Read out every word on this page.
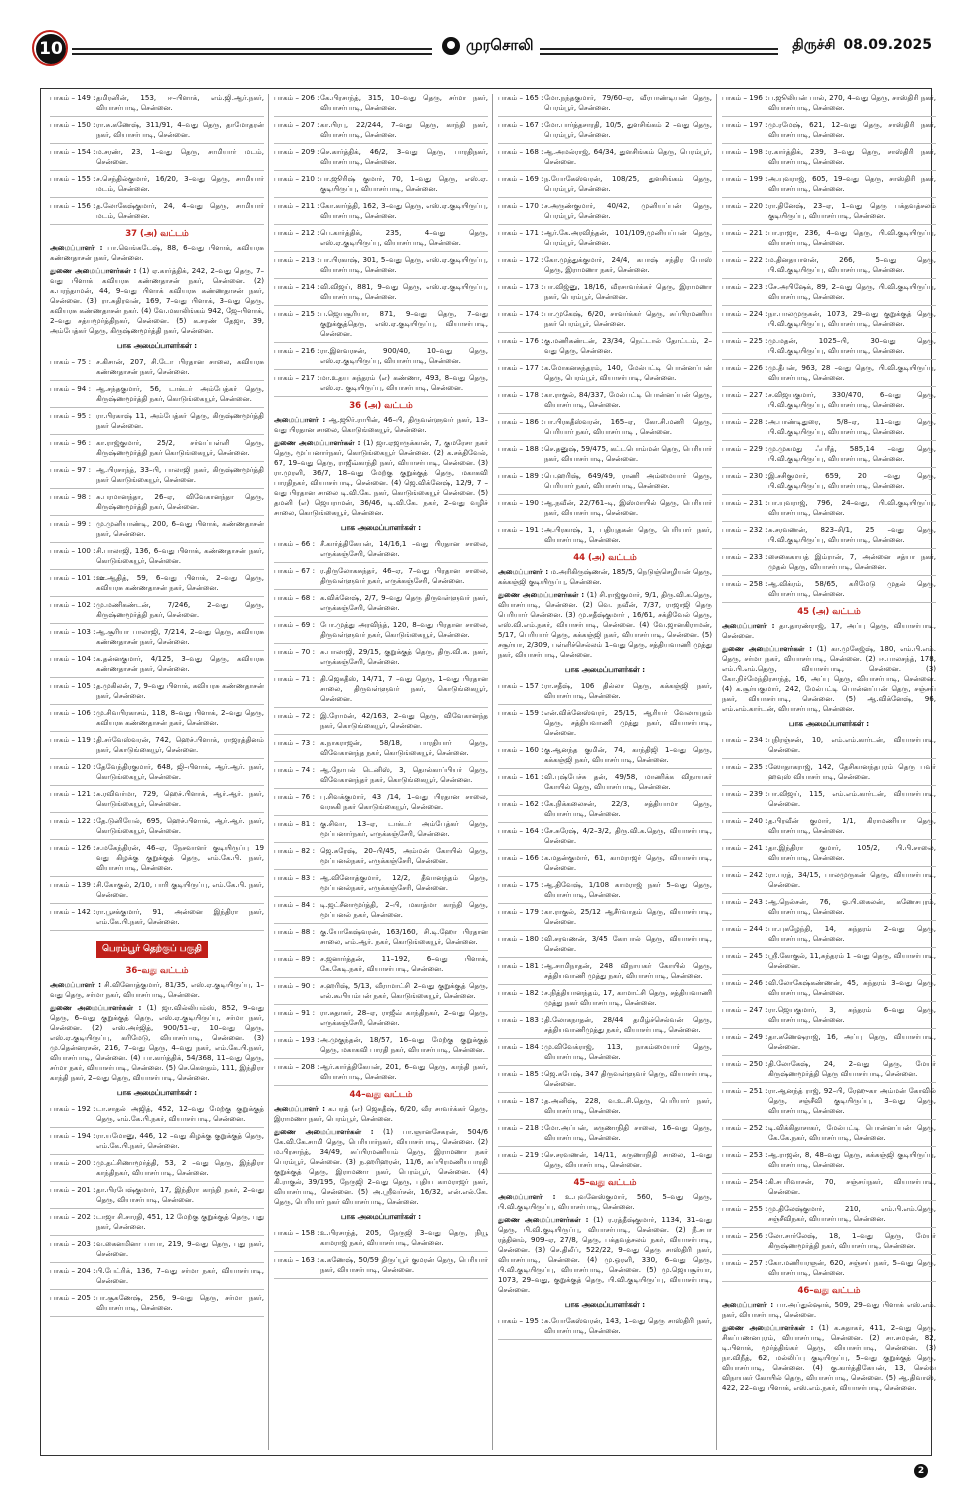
10	முரசொலி	திருச்சி 08.09.2025
பாகம் – 149 : தமிரனின், 153, ஈ–பிளாக், எம்.ஜி.ஆர்.நகர், வியாசர்பாடி, சென்னை.
பாகம் – 150 : ரா.சு.கணேஷ், 311/91, 4–வது தெரு, தாமோதரன் நகர், வியாசர்பாடி, சென்னை.
பாகம் – 154 : ம.சரண், 23, 1–வது தெரு, சாமியார் மடம், சென்னை.
பாகம் – 155 : ச.செந்தில்குமார், 16/20, 3–வது தெரு, சாமியார் மடம், சென்னை.
பாகம் – 156 : த.லோகேஷ்குமார், 24, 4–வது தெரு, சாமியார் மடம், சென்னை.
37 (அ) வட்டம்
அமைப்பாளர் : பா.வெங்கடேஷ், 88, 6–வது பிளாக், கவியரசு கண்ணதாசன் நகர், சென்னை.
துணை அமைப்பாளர்கள் : (1) ஏ.கார்த்திக், 242, 2–வது தெரு, 7–வது பிளாக் கவியரசு கண்ணதாசன் நகர், சென்னை. (2) க.பரந்தாமன், 44, 9–வது பிளாக் கவியரசு கண்ணதாசன் நகர், சென்னை. (3) ரா.சுதிரவன், 169, 7–வது பிளாக், 3–வது தெரு, கவியரசு கண்ணதாசன் நகர். (4) வே.மகாலிங்கம் 942, ஜே–பிளாக், 2–வது சத்யமூர்த்திநகர், சென்னை. (5) க.சரண் தேஜா, 39, அம்பேத்கர் தெரு, கிருஷ்ணமூர்த்தி நகர், சென்னை.
பாக அமைப்பாளர்கள் :
பாகம் – 75 : ச.கிசான், 207, சி.டோ பிரதான சாலை, கவியரசு கண்ணதாசன் நகர், சென்னை.
பாகம் – 94 : ஆ.சந்தகுமார், 56, டாக்டர் அம்பேத்கர் தெரு, கிருஷ்ணமூர்த்தி நகர், கொடுங்கையூர், சென்னை.
பாகம் – 95 : ரா.பிரகாஷ் 11, அம்பேத்கர் தெரு, கிருஷ்ணமூர்த்தி நகர் சென்னை.
பாகம் – 96 : கா.ராஜ்குமார், 25/2, சர்வப்பள்ளி தெரு, கிருஷ்ணமூர்த்தி நகர் கொடுங்கையூர், சென்னை.
பாகம் – 97 : ஆ.பிரசாந்த், 33–பி, பாலாஜி நகர், கிருஷ்ணமூர்த்தி நகர் கொடுங்கையூர், சென்னை.
பாகம் – 98 : சு.பரமானந்தா, 26–ஏ, விவேகானந்தா தெரு, கிருஷ்ணமூர்த்தி நகர், சென்னை.
பாகம் – 99 : மு.முனியாண்டி, 200, 6–வது பிளாக், கண்ணதாசன் நகர், சென்னை.
பாகம் – 100 : சி.பாலாஜி, 136, 6–வது பிளாக், கண்ணதாசன் நகர், கொடுங்கையூர், சென்னை.
பாகம் – 101 : ஊ.ஆதித், 59, 6–வது பிளாக், 2–வது தெரு, கவியரசு கண்ணதாசன் நகர், சென்னை.
பாகம் – 102 : மு.மணிகண்டன், 7/246, 2–வது தெரு, கிருஷ்ணமூர்த்தி நகர், சென்னை.
பாகம் – 103 : ஆ.சூரியா பாலாஜி, 7/214, 2–வது தெரு, கவியரசு கண்ணதாசன் நகர், சென்னை.
பாகம் – 104 : க.தன்னகுமார், 4/125, 3–வது தெரு, கவியரசு கண்ணதாசன் நகர், சென்னை.
பாகம் – 105 : த.முகிலன், 7, 9–வது பிளாக், கவியரசு கண்ணதாசன் நகர், சென்னை.
பாகம் – 106 : மு.சிவபிரகாசம், 118, 8–வது பிளாக், 2–வது தெரு, கவியரசு கண்ணதாசன் நகர், சென்னை.
பாகம் – 119 : தி.சர்வேஸ்வரன், 742, ஹெச்.பிளாக், ராஜரத்தினம் நகர், கொடுங்கையூர், சென்னை.
பாகம் – 120 : தேவேந்திரகுமார், 648, ஜி–பிளாக், ஆர்.ஆர். நகர், கொடுங்கையூர், சென்னை.
பாகம் – 121 : சு.ரவிவர்மா, 729, ஹெச்.பிளாக், ஆர்.ஆர். நகர், கொடுங்கையூர், சென்னை.
பாகம் – 122 : தே.டுனியேல், 695, ஹெச்.பிளாக், ஆர்.ஆர். நகர், கொடுங்கையூர், சென்னை.
பாகம் – 126 : ச.மகேந்திரன், 46–ஏ, நேசவாளர் குடியிருப்பு 19 வது கிழக்கு குறுக்குத் தெரு, எம்.கே.பி. நகர், வியாசர்பாடி, சென்னை.
பாகம் – 139 : சி.கோகுல், 2/10, பாரி குடியிருப்பு, எம்.கே.பி. நகர், சென்னை.
பாகம் – 142 : ரா.பூசக்குமார், 91, அன்னை இந்திரா நகர், எம்.கே.பி.நகர், சென்னை.
பெரம்பூர் தெற்குப் பகுதி
36–வது வட்டம்
அமைப்பாளர் : சி.வினோத்குமார், 81/35, எஸ்.ஏ.குடியிருப்பு, 1–வது தெரு, சர்மா நகர், வியாசர்பாடி, சென்னை.
துணை அமைப்பாளர்கள் : (1) ஜா.வில்லியம்ஸ், 852, 9–வது தெரு, 6–வது குறுக்குத் தெரு, எஸ்.ஏ.குடியிருப்பு, சர்மா நகர், சென்னை. (2) எஸ்.அர்ஜித், 900/51–ஏ, 10–வது தெரு, எஸ்.ஏ.குடியிருப்பு, கரிமேடு, வியாசர்பாடி, சென்னை. (3) மு.தென்னரசன், 216, 7–வது தெரு, 4–வது நகர், எம்.கே.பி.நகர், வியாசர்பாடி, சென்னை. (4) பா.கார்த்திக், 54/368, 11–வது தெரு, சர்மா நகர், வியாசர்பாடி, சென்னை. (5) செ.கௌதம், 111, இந்திரா காந்தி நகர், 2–வது தெரு, வியாசர்பாடி, சென்னை.
பாக அமைப்பாளர்கள் :
பாகம் – 192 : டா.சாதல் அஜித், 452, 12–வது மேற்கு குறுக்குத் தெரு, எம்.கே.பி.நகர், வியாசர்பாடி, சென்னை.
பாகம் – 194 : ரா.யமோனு, 446, 12 –வது கிழக்கு குறுக்குத் தெரு, எம்.கே.பி.நகர், சென்னை.
பாகம் – 200 : மு.தட்சிணாமூர்த்தி, 53, 2 –வது தெரு, இந்திரா காந்திநகர், வியாசர்பாடி, சென்னை.
பாகம் – 201 : தா.பிரபேஷ்குமார், 17, இந்திரா காந்தி நகர், 2–வது தெரு, வியாசர்பாடி, சென்னை.
பாகம் – 202 : டாஜா சி.சாரதி, 451, 12 மேற்கு குறுக்குத் தெரு, புது நகர், சென்னை.
பாகம் – 203 : வ.கைனமினா பாபா, 219, 9–வது தெரு, புது நகர், சென்னை.
பாகம் – 204 : பி.பேட்ரிக், 136, 7–வது சர்மா நகர், வியாசர்பாடி, சென்னை.
பாகம் – 205 : பா.சூகணேஷ், 256, 9–வது தெரு, சர்மா நகர், வியாசர்பாடி, சென்னை.
பாகம் – 206 : கே.பிரசாந்த், 315, 10–வது தெரு, சர்மா நகர், வியாசர்பாடி, சென்னை.
பாகம் – 207 : கா.பிரபு, 22/244, 7–வது தெரு, காந்தி நகர், வியாசர்பாடி, சென்னை.
பாகம் – 209 : செ.கார்த்திக், 46/2, 3–வது தெரு, பாரதிநகர், வியாசர்பாடி, சென்னை.
பாகம் – 210 : பா.ஜூரிஷ் குமார், 70, 1–வது தெரு, எஸ்.ஏ. குடியிருப்பு, வியாசர்பாடி, சென்னை.
பாகம் – 211 : கோ.கார்த்தி, 162, 3–வது தெரு, எஸ்.ஏ.குடியிருப்பு, வியாசர்பாடி, சென்னை.
பாகம் – 212 : பெ.கார்த்திக், 235, 4–வது தெரு, எஸ்.ஏ.குடியிருப்பு, வியாசர்பாடி, சென்னை.
பாகம் – 213 : பா.பிரகாஷ், 301, 5–வது தெரு, எஸ்.ஏ.குடியிருப்பு, வியாசர்பாடி, சென்னை.
பாகம் – 214 : வி.விஜய், 881, 9–வது தெரு, எஸ்.ஏ.குடியிருப்பு, வியாசர்பாடி, சென்னை.
பாகம் – 215 : ப.ஜெயசூரியா, 871, 9–வது தெரு, 7–வது குறுக்குத்தெரு, எஸ்.ஏ.குடியிருப்பு, வியாசர்பாடி, சென்னை.
பாகம் – 216 : ரா.இளவரசன், 900/40, 10–வது தெரு, எஸ்.ஏ.குடியிருப்பு, வியாசர்பாடி, சென்னை.
பாகம் – 217 : மா.உதய சுந்தரம் (எ) கண்ணா, 493, 8–வது தெரு, எஸ்.ஏ. குடியிருப்பு, வியாசர்பாடி, சென்னை.
36 (அ) வட்டம்
அமைப்பாளர் : ஆ.ஜூர்.ராபின், 46–பி, திருவள்ளுவர் நகர், 13–வது பிரதான சாலை, கொடுங்கையூர், சென்னை.
துணை அமைப்பாளர்கள் : (1) ஜா.ஏஜாருக்கான், 7, குமரேசா நகர் தெரு, மூப்பனார்நகர், கொடுங்கையூர் சென்னை. (2) க.சக்திவேல், 67, 19–வது தெரு, ராஜீவ்காந்தி நகர், வியாசர்பாடி, சென்னை. (3) ரா.முரளி, 36/7, 18–வது மேற்கு குறுக்குத் தெரு, மகாகவி பாரதிநகர், வியாசர்பாடி, சென்னை. (4) ஜெ.விக்னேஷ், 12/9, 7 –வது பிரதான சாலை டி.வி.கே. நகர், கொடுங்கையூர் சென்னை. (5) தமனி (எ) ஜெயராமன், 36/46, டி.வி.கே. நகர், 2–வது வழிச் சாலை, கொடுங்கையூர், சென்னை.
பாக அமைப்பாளர்கள் :
பாகம் – 66 : சீ.கார்த்திகேயன், 14/16,1 –வது பிரதான சாலை, எருக்கஞ்சேரி, சென்னை.
பாகம் – 67 : ர.திருலோகசுந்தர், 46–ஏ, 7–வது பிரதான சாலை, திருவள்ளுவர் நகர், எருக்கஞ்சேரி, சென்னை.
பாகம் – 68 : க.விக்னேஷ், 2/7, 9–வது தெரு திருவள்ளுவர் நகர், எருக்கஞ்சேரி, சென்னை.
பாகம் – 69 : போ.முத்து அரவிந்த், 120, 8–வது பிரதான சாலை, திருவள்ளுவர் நகர், கொடுங்கையூர், சென்னை.
பாகம் – 70 : சு.பாலாஜி, 29/15, குறுக்குத் தெரு, திரு.வி.க. நகர், எருக்கஞ்சேரி, சென்னை.
பாகம் – 71 : தி.ஜெகதீஸ், 14/71, 7 –வது தெரு, 1–வது பிரதான சாலை, திருவள்ளுவர் நகர், கொடுங்கையூர், சென்னை.
பாகம் – 72 : இ.ரோமன், 42/163, 2–வது தெரு, விவேகானந்த நகர், கொடுங்கையூர், சென்னை.
பாகம் – 73 : க.நாகராஜன், 58/18, பாரதியார் தெரு, விவேகானந்த நகர், கொடுங்கையூர், சென்னை.
பாகம் – 74 : ஆ.நோபல் டெனிஸ், 3, தொல்காப்பியர் தெரு, விவேகானந்தர் நகர், கொடுங்கையூர், சென்னை.
பாகம் – 76 : பு.சிவக்குமார், 43 /14, 1–வது பிரதான சாலை, வரசுகி நகர் கொடுங்கையூர், சென்னை.
பாகம் – 81 : கு.சிவா, 13–ஏ, டாக்டர் அம்பேத்கர் தெரு, மூப்பனார்நகர், எருக்கஞ்சேரி, சென்னை.
பாகம் – 82 : ஜெ.சுரேஷ், 20–பி/45, அம்மன் கோயில் தெரு, மூப்பனல்நகர், எருக்கஞ்சேரி, சென்னை.
பாகம் – 83 : ஆ.வினோத்குமார், 12/2, தீவானந்தம் தெரு, மூப்பனல்நகர், எருக்கஞ்சேரி, சென்னை.
பாகம் – 84 : டி.ஜட்சீனாமூர்த்தி, 2–பி, மகாத்மா காந்தி தெரு, மூப்பனல் நகர், சென்னை.
பாகம் – 88 : கு.யோகேஷ்வரன், 163/160, சி.டி.ஹோ பிரதான சாலை, எம்.ஆர். நகர், கொடுங்கையூர், சென்னை.
பாகம் – 89 : ச.ஜனார்த்தன், 11–192, 6–வது பிளாக், கே.கேடி.நகர், வியாசர்பாடி, சென்னை.
பாகம் – 90 : ச.ஹரிஷ், 5/13, வீராமாட்சி 2–வது குறுக்குத் தெரு, எல்.கூபியம்பன் நகர், கொடுங்கையூர், சென்னை.
பாகம் – 91 : ரா.சுதாகர், 28–ஏ, ராஜீவ் காந்திநகர், 2–வது தெரு, எருக்கஞ்சேரி, சென்னை.
பாகம் – 193 : அ.முகுந்தன், 18/57, 16–வது மேற்கு குறுக்குத் தெரு, மகாகவி பாரதி நகர், வியாசர்பாடி, சென்னை.
பாகம் – 208 : ஆர்.கார்த்திகேயன், 201, 6–வது தெரு, காந்தி நகர், வியாசர்பாடி, சென்னை.
44–வது வட்டம்
அமைப்பாளர் : க.பரத் (எ) ஜெகதீஷ், 6/20, வீர சாவர்க்கர் தெரு, இராமணா நகர், பெரம்பூர், சென்னை.
துணை அமைப்பாளர்கள் : (1) பா.ஞானசேகரன், 504/6 கே.வி.கே.சாமி தெரு, பெரியார்நகர், வியாசர்பாடி, சென்னை. (2) ம.பிரசாந்த், 34/49, சுப்பிரமணியம் தெரு, இராமணா நகர் பெரம்பூர், சென்னை. (3) ந.ஹரிஹரன், 11/6, சுப்பிரமணியபாரதி குறுக்குத் தெரு, இராமணா நகர், பெரம்பூர், சென்னை. (4) கி.ராகுல், 39/195, நேருஜி 2–வது தெரு, புதிய காமராஜர் நகர், வியாசர்பாடி, சென்னை. (5) அ.ஸ்ரீவர்சன், 16/32, என்.எல்.கே. தெரு, பெரியார் நகர் வியாசர்பாடி, சென்னை.
பாக அமைப்பாளர்கள் :
பாகம் – 158 : உ.பிரசாந்த், 205, நேருஜி 3–வது தெரு, நியூ காமராஜ் நகர், வியாசர்பாடி, சென்னை.
பாகம் – 163 : க.கணேஷ், 50/59 திருப்பூர் குமரன் தெரு, பெரியார் நகர், வியாசர்பாடி, சென்னை.
பாகம் – 165 : மோ.நந்தகுமார், 79/60–ஏ, வீரபாண்டியன் தெரு, பெரம்பூர், சென்னை.
பாகம் – 167 : மோ.பார்த்தசாரதி, 10/5, துளசிங்கம் 2 –வது தெரு, பெரம்பூர், சென்னை.
பாகம் – 168 : ஆ.அமல்ராஜ், 64/34, துளசிங்கம் தெரு, பெரம்பூர், சென்னை.
பாகம் – 169 : ந.யோகேஸ்வரன், 108/25, துளசிங்கம் தெரு, பெரம்பூர், சென்னை.
பாகம் – 170 : ச.அருண்குமார், 40/42, முனியப்பன் தெரு, பெரம்பூர், சென்னை.
பாகம் – 171 : ஆர்.கே.அரவிந்தன், 101/109,முனியப்பன் தெரு, பெரம்பூர், சென்னை.
பாகம் – 172 : கோ.முத்துக்குமார், 24/4, கபாஷ் சந்திர போஸ் தெரு, இராமணா நகர், சென்னை.
பாகம் – 173 : பா.விஜ்னு, 18/16, வீரசாவர்க்கர் தெரு, இராமணா நகர், பெரம்பூர், சென்னை.
பாகம் – 174 : பா.முகேஷ், 6/20, சாவர்க்கர் தெரு, சுப்பிரமணிய நகர் பெரம்பூர், சென்னை.
பாகம் – 176 : கு.மணிகண்டன், 23/34, நெட்டால் தோட்டம், 2–வது தெரு, சென்னை.
பாகம் – 177 : க.மோகனசுந்தரம், 140, மேல்பட்டி பொன்னப்பன் தெரு, பெரம்பூர், வியாசர்பாடி, சென்னை.
பாகம் – 178 : கா.ராகுல், 84/337, மேல்பட்டி பொன்னப்பன் தெரு, வியாசர்பாடி, சென்னை.
பாகம் – 186 : பா.பிரகதீஸ்வரன், 165–ஏ, கோ.சி.மணி தெரு, பெரியார் நகர், வியாசர்பாடி , சென்னை.
பாகம் – 188 : செ.தனுஷ், 59/475, கட்டபொம்மன் தெரு, பெரியார் நகர், வியாசர்பாடி, சென்னை.
பாகம் – 189 : பெ.ஹரிஷ், 649/49, ராணி அம்மையார் தெரு, பெரியார் நகர், வியாசர்பாடி, சென்னை.
பாகம் – 190 : ஆ.நவீன், 22/761–டி, இஸ்மாயில் தெரு, பெரியார் நகர், வியாசர்பாடி, சென்னை.
பாகம் – 191 : அ.பிரகாஷ், 1, பதியுதகன் தெரு, பெரியார் நகர், வியாசர்பாடி, சென்னை.
44 (அ) வட்டம்
அமைப்பாளர் : ம.அரிகிருஷ்ணன், 185/5, நெடுஞ்செழியன் தெரு, கக்கஞ்ஜி குடியிருப்பு, சென்னை.
துணை அமைப்பாளர்கள் : (1) சி.ராஜ்குமார், 9/1, திரு.வி.க.தெரு, வியாசர்பாடி, சென்னை. (2) வெ. நவீன், 7/37, ராஜாஜி தெரு பெரியார் சென்னை. (3) மு.சதீஷ்குமார் , 16/61, சக்திவேல் தெரு, எஸ்.வி.எம்.நகர், வியாசர்பாடி, சென்னை. (4) வே.ஜானகிராமன், 5/17, பெரியார் தெரு, கக்கஞ்ஜி நகர், வியாசர்பாடி, சென்னை. (5) சசூர்யா, 2/309, பள்ளிச்செல்லம் 1–வது தெரு, சத்தியவாணி முத்து நகர், வியாசர்பாடி, சென்னை.
பாக அமைப்பாளர்கள் :
பாகம் – 157 : ரா.சதீஷ், 106 தில்லா தெரு, கக்கஞ்ஜி நகர், வியாசர்பாடி, சென்னை.
பாகம் – 159 : என்.விக்னேஸ்வரர், 25/15, ஆரியர் வேலாயுதம் தெரு, சத்தியவாணி முத்து நகர், வியாசர்பாடி, சென்னை.
பாகம் – 160 : கு.ஆனந்த குமின், 74, காந்திஜி 1–வது தெரு, கக்கஞ்ஜி நகர், வியாசர்பாடி, சென்னை.
பாகம் – 161 : வி.புஷ்பேச்சு தன், 49/58, மாணிக்க விநாயகர் கோயில் தெரு, வியாசர்பாடி, சென்னை.
பாகம் – 162 : கே.நிக்கலைசன், 22/3, சத்தியாமா தெரு, வியாசர்பாடி, சென்னை.
பாகம் – 164 : சே.சுரேஷ், 4/2–3/2, திரு.வி.க.தெரு, வியாசர்பாடி, சென்னை.
பாகம் – 166 : க.மதன்குமார், 61, காமராஜர் தெரு, வியாசர்பாடி, சென்னை.
பாகம் – 175 : ஆ.திவேஷ், 1/108 காமராஜ் நகர் 5–வது தெரு, வியாசர்பாடி, சென்னை.
பாகம் – 179 : கா.ராகுல், 25/12 ஆசீர்வாதம் தெரு, வியாசர்பாடி, சென்னை.
பாகம் – 180 : வி.சரவணன், 3/45 கோபால் தெரு, வியாசர்பாடி, சென்னை.
பாகம் – 181 : ஆ.சாமிநாதன், 248 விநாயகர் கோயில் தெரு, சத்தியவாணி முத்து நகர், வியாசர்பாடி, சென்னை.
பாகம் – 182 : ச.நித்தியானந்தம், 17, காமாட்சி தெரு, சத்தியவாணி முத்து நகர் வியாசர்பாடி, சென்னை.
பாகம் – 183 : தி.லோகநாதன், 28/44 தமிழ்ச்செல்வன் தெரு, சத்தியவாணிமுத்து நகர், வியாசர்பாடி, சென்னை.
பாகம் – 184 : மு.விவேக்ராஜ், 113, நாகம்மையார் தெரு, வியாசர்பாடி, சென்னை.
பாகம் – 185 : ஜெ.சுபேஷ், 347 திருவள்ளுவர் தெரு, வியாசர்பாடி, சென்னை.
பாகம் – 187 : த.அனிஷ், 228, வ.உ.சி.தெரு, பெரியார் நகர், வியாசர்பாடி, சென்னை.
பாகம் – 218 : மோ.அப்பன், கருணாநிதி சாலை, 16–வது தெரு, வியாசர்பாடி, சென்னை.
பாகம் – 219 : செ.சரவணன், 14/11, கருணாநிதி சாலை, 1–வது தெரு, வியாசர்பாடி, சென்னை.
45–வது வட்டம்
அமைப்பாளர் : உ.புவனேஸ்குமார், 560, 5–வது தெரு, பி.வி.குடியிருப்பு, வியாசர்பாடி, சென்னை.
துணை அமைப்பாளர்கள் : (1) ர.ரத்தீஷ்குமார், 1134, 31–வது தெரு, பி.வி.குடியிருப்பு, வியாசர்பாடி, சென்னை. (2) நீ.சபா ரத்தினம், 909–ஏ, 27/8, தெரு, பக்தவத்சலம் நகர், வியாசர்பாடி, சென்னை. (3) செ.திலீப், 522/22, 9–வது தெரு சாஸ்திரி நகர், வியாசர்பாடி, சென்னை. (4) மு.ஒரளி, 330, 6–வது தெரு, பி.வி.குடியிருப்பு, வியாசர்பாடி, சென்னை. (5) மு.ஜெயசூர்யா, 1073, 29–வது, குறுக்குத் தெரு, பி.வி.குடியிருப்பு, வியாசர்பாடி, சென்னை.
பாக அமைப்பாளர்கள் :
பாகம் – 195 : சு.யோகேஸ்வரன், 143, 1–வது தெரு சாஸ்திரி நகர், வியாசர்பாடி, சென்னை.
பாகம் – 196 : ப.ஜூலியன் பால், 270, 4–வது தெரு, சாஸ்திரி நகர், வியாசர்பாடி, சென்னை.
பாகம் – 197 : மு.ரமேஷ், 621, 12–வது தெரு, சாஸ்திரி நகர், வியாசர்பாடி, சென்னை.
பாகம் – 198 : ர.கார்த்திக், 239, 3–வது தெரு, சாஸ்திரி நகர், வியாசர்பாடி, சென்னை.
பாகம் – 199 : அ.யுவராஜ், 605, 19–வது தெரு, சாஸ்திரி நகர், வியாசர்பாடி, சென்னை.
பாகம் – 220 : ரா.தினேஷ், 23–ஏ, 1–வது தெரு பக்தவத்சலம் குடியிருப்பு, வியாசர்பாடி, சென்னை.
பாகம் – 221 : பா.ராஜா, 236, 4–வது தெரு, பி.வி.குடியிருப்பு, வியாசர்பாடி, சென்னை.
பாகம் – 222 : ம.தினதயாளன், 266, 5–வது தெரு, பி.வி.குடியிருப்பு, வியாசர்பாடி, சென்னை.
பாகம் – 223 : சே.அபிஷேக், 89, 2–வது தெரு, பி.வி.குடியிருப்பு, வியாசர்பாடி, சென்னை.
பாகம் – 224 : நா.பாலமுருகன், 1073, 29–வது குறுக்குத் தெரு, பி.வி.குடியிருப்பு, வியாசர்பாடி, சென்னை.
பாகம் – 225 : மு.மதன், 1025–பி, 30–வது தெரு, பி.வி.குடியிருப்பு, வியாசர்பாடி, சென்னை.
பாகம் – 226 : மு.தீபன், 963, 28 –வது தெரு, பி.வி.குடியிருப்பு, வியாசர்பாடி, சென்னை.
பாகம் – 227 : ச.விஜயகுமார், 330/470, 6–வது தெரு, பி.வி.குடியிருப்பு, வியாசர்பாடி, சென்னை.
பாகம் – 228 : அ.பாண்டிதுரை, 5/8–ஏ, 11–வது தெரு, பி.வி.குடியிருப்பு, வியாசர்பாடி, சென்னை.
பாகம் – 229 : மு.முகமது ஃபரீத், 585,14 –வது தெரு, பி.வி.குடியிருப்பு, வியாசர்பாடி, சென்னை.
பாகம் – 230 : இ.சசிகுமார், 659, 20 –வது தெரு, பி.வி.குடியிருப்பு, வியாசர்பாடி, சென்னை.
பாகம் – 231 : பா.யுவராஜ், 796, 24–வது, பி.வி.குடியிருப்பு, வியாசர்பாடி, சென்னை.
பாகம் – 232 : சு.சரவணன், 823–சி/1, 25 –வது தெரு, பி.வி.குடியிருப்பு, வியாசர்பாடி, சென்னை.
பாகம் – 233 : சைகைகாயத் இம்ரான், 7, அன்னை சத்யா நகர், முதல் தெரு, வியாசர்பாடி, சென்னை.
பாகம் – 258 : ஆ.விக்ரம், 58/65, கரிமேடு முதல் தெரு, வியாசர்பாடி, சென்னை.
45 (அ) வட்டம்
அமைப்பாளர் : தா.தாரண்ராஜ், 17, அப்பு தெரு, வியாசர்பாடி, சென்னை.
துணை அமைப்பாளர்கள் : (1) கா.முகேஜ்ஷ், 180, எம்.பி.எம். தெரு, சர்மா நகர், வியாசர்பாடி, சென்னை. (2) ஈ.பாலசந்த், 178, எம்.பி.எம்.தெரு, வியாசர்பாடி, சென்னை. (3) கோ.நிர்மேந்திரசாந்த், 16, அப்பு தெரு, வியாசர்பாடி, சென்னை. (4) க.சூர்யகுமார், 242, மேல்பட்டி பொன்னப்பன் தெரு, சஞ்சய் நகர், வியாசர்பாடி, சென்னை. (5) ஆ.விக்னேஷ், 96, எம்.எம்.கார்டன், வியாசர்பாடி, சென்னை.
பாக அமைப்பாளர்கள் :
பாகம் – 234 : புநிரஞ்சன், 10, எம்.எம்.கார்டன், வியாசர்பாடி, சென்னை.
பாகம் – 235 : ஸோதாகராஜ், 142, தேசிகானந்தபுரம் தெரு பவர் ஹவுஸ் வியாசர்பாடி, சென்னை.
பாகம் – 239 : பா.விஜய், 115, எம்.எம்.கார்டன், வியாசர்பாடி, சென்னை.
பாகம் – 240 : த.பிரவீன் குமார், 1/1, கிராமணியா தெரு, வியாசர்பாடி, சென்னை.
பாகம் – 241 : தா.இந்திரா குமார், 105/2, பி.பி.சாலை, வியாசர்பாடி, சென்னை.
பாகம் – 242 : ரா.பரத், 34/15, பாலமுருகன் தெரு, வியாசர்பாடி, சென்னை.
பாகம் – 243 : ஆ.நெல்சன், 76, ஓ.பி.கைலன், கணேசபுரம், வியாசர்பாடி, சென்னை.
பாகம் – 244 : பா.புகழேந்தி, 14, சுந்தரம் 2–வது தெரு, வியாசர்பாடி, சென்னை.
பாகம் – 245 : ஸ்ரீ.கோகுல், 11,சுந்தரம் 1 –வது தெரு, வியாசர்பாடி, சென்னை.
பாகம் – 246 : வி.லோகேஷ்கண்ணன், 45, சுந்தரம் 3–வது தெரு, வியாசர்பாடி, சென்னை.
பாகம் – 247 : ரா.ஜெயகுமார், 3, சுந்தரம் 6–வது தெரு, வியாசர்பாடி, சென்னை.
பாகம் – 249 : தா.கணேஷராஜ், 16, அப்பு தெரு, வியாசர்பாடி, சென்னை.
பாகம் – 250 : தி.லோகேஷ், 24, 2–வது தெரு, மேயர் கிருஷ்ணமூர்த்தி தெரு வியாசர்பாடி, சென்னை.
பாகம் – 251 : ரா.ஆனந்த் ராஜ், 92–பி, ரேஹுகா அம்மன் கோவில் தெரு, சஞ்சீவி குடியிருப்பு, 3–வது தெரு, வியாசர்பாடி, சென்னை.
பாகம் – 252 : டி.விக்கிதாசாகர், மேல்பட்டி பொன்னப்பன் தெரு, கே.கே.நகர், வியாசர்பாடி, சென்னை.
பாகம் – 253 : ஆ.ராஜன், 8, 48–வது தெரு, கக்கஞ்ஜி குடியிருப்பு, வியாசர்பாடி, சென்னை.
பாகம் – 254 : கி.சபரிவாசன், 70, சஞ்சய்நகர், வியாசர்பாடி, சென்னை.
பாகம் – 255 : மு.திலேஷ்குமார், 210, எம்.பி.எம்.தெரு, சஞ்சீவிநகர், வியாசர்பாடி, சென்னை.
பாகம் – 256 : லோ.சார்லேஷ், 18, 1–வது தெரு, மேயர் கிருஷ்ணமூர்த்தி நகர், வியாசர்பாடி, சென்னை.
பாகம் – 257 : கோ.மணியரஞன், 620, சஞ்சய் நகர், 5–வது தெரு, வியாசர்பாடி, சென்னை.
46–வது வட்டம்
அமைப்பாளர் : பா.அப்துல்ஷாக், 509, 29–வது பிளாக் எஸ்.எம். நகர், வியாசர்பாடி, சென்னை.
துணை அமைப்பாளர்கள் : (1) க.சுதாகர், 411, 2–வது தெரு, சிகப்பணனபுரம், வியாசர்பாடி, சென்னை. (2) சா.சமரன், 82, டி.பிளாக், மூர்த்திங்கர் தெரு, வியாசர்பாடி, சென்னை. (3) நா.விநீத், 62, மல்லிப்பு குடியிருப்பு, 5–வது குறுக்குத் தெரு, வியாசர்பாடி, சென்னை. (4) கு.கார்த்திகேயன், 13, செல்வ விநாயகர் கோயில் தெரு, வியாசர்பாடி, சென்னை. (5) ஆ.திவாஸ், 422, 22–வது பிளாக், எஸ்.எம்.நகர், வியாசர்பாடி, சென்னை.
2
